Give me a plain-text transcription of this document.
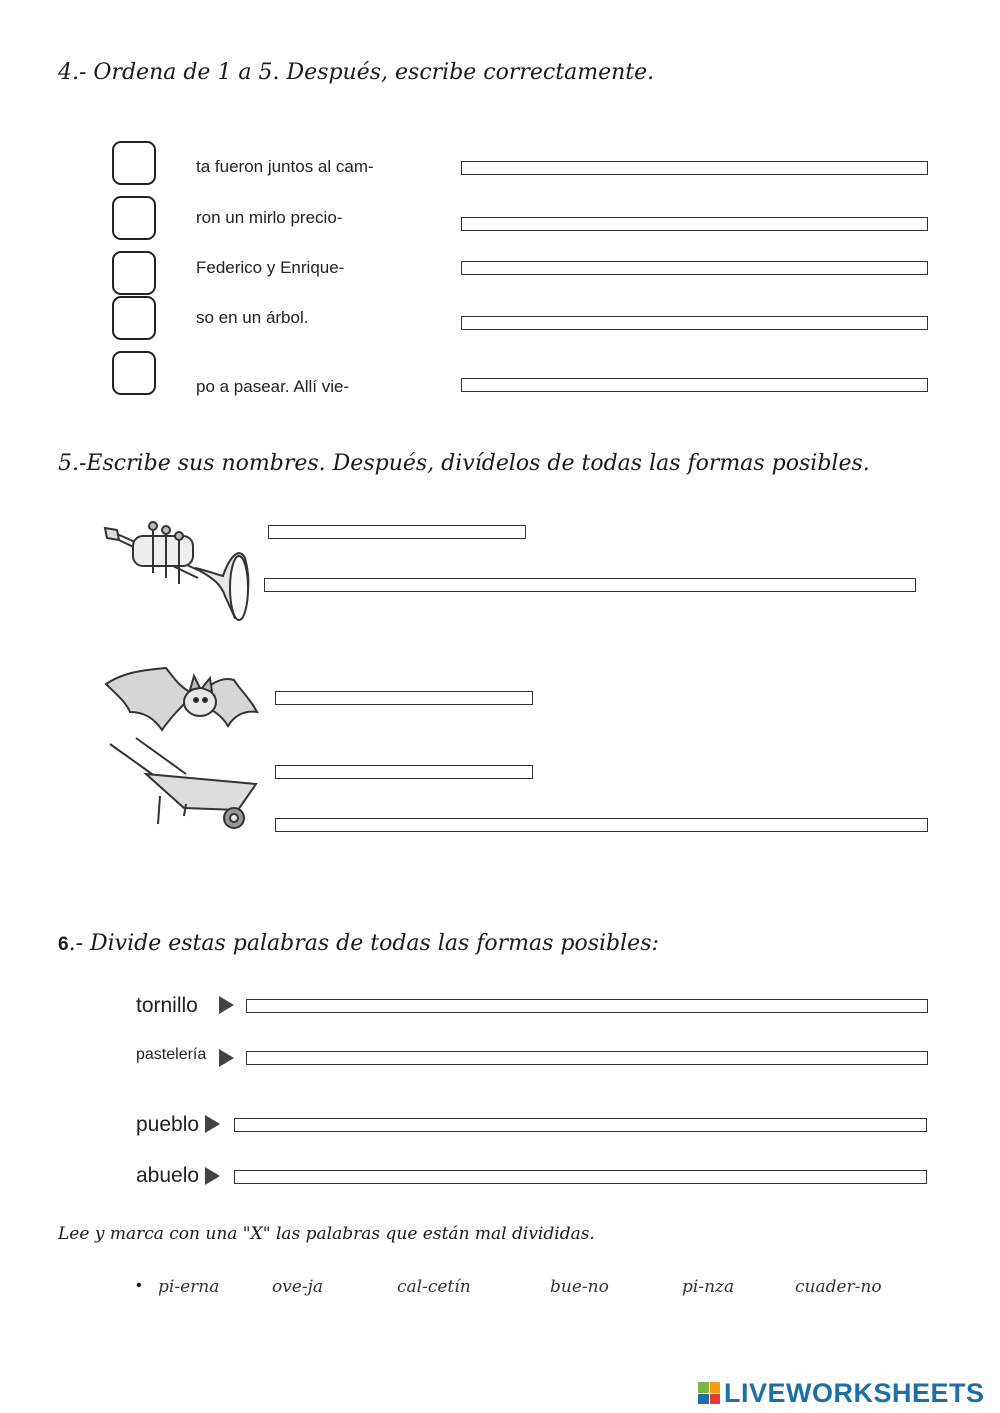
4.- Ordena de 1 a 5. Después, escribe correctamente.
ta fueron juntos al cam-
ron un mirlo precio-
Federico y Enrique-
so en un árbol.
po a pasear. Allí vie-
5.-Escribe sus nombres. Después, divídelos de todas las formas posibles.
6.- Divide estas palabras de todas las formas posibles:
tornillo
pastelería
pueblo
abuelo
Lee y marca con una "X" las palabras que están mal divididas.
• pi-erna	ove-ja	cal-cetín	bue-no	pi-nza	cuader-no
LIVEWORKSHEETS
